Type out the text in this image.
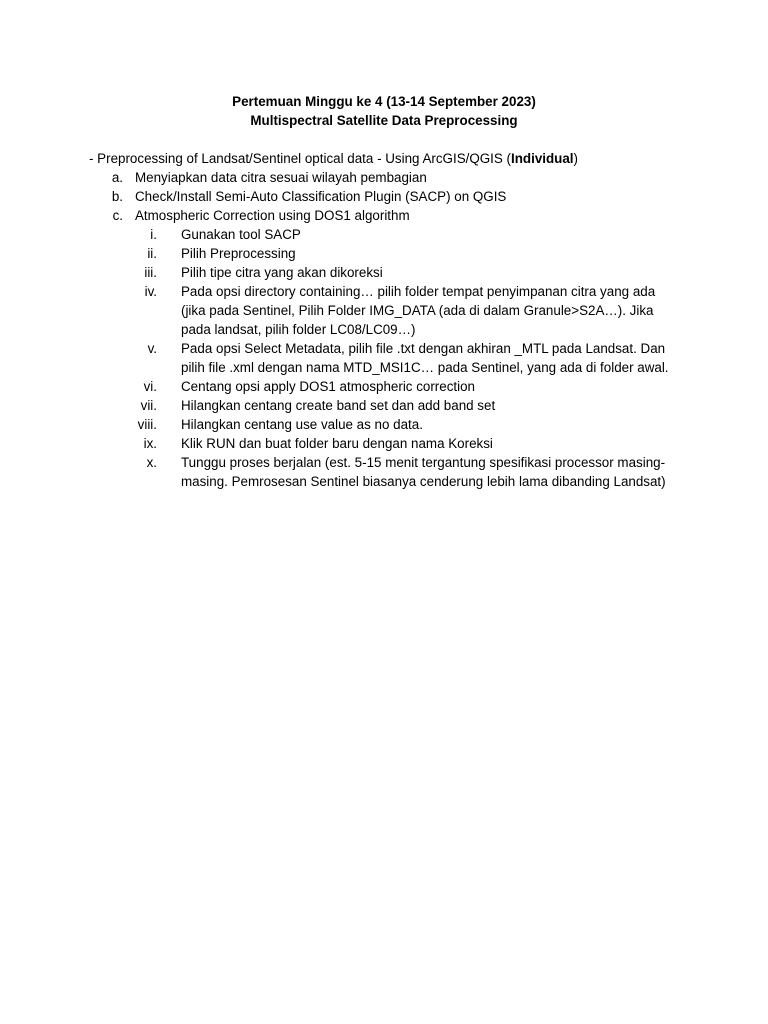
Pertemuan Minggu ke 4 (13-14 September 2023)
Multispectral Satellite Data Preprocessing
- Preprocessing of Landsat/Sentinel optical data - Using ArcGIS/QGIS (Individual)
a. Menyiapkan data citra sesuai wilayah pembagian
b. Check/Install Semi-Auto Classification Plugin (SACP) on QGIS
c. Atmospheric Correction using DOS1 algorithm
i. Gunakan tool SACP
ii. Pilih Preprocessing
iii. Pilih tipe citra yang akan dikoreksi
iv. Pada opsi directory containing… pilih folder tempat penyimpanan citra yang ada (jika pada Sentinel, Pilih Folder IMG_DATA (ada di dalam Granule>S2A…). Jika pada landsat, pilih folder LC08/LC09…)
v. Pada opsi Select Metadata, pilih file .txt dengan akhiran _MTL pada Landsat. Dan pilih file .xml dengan nama MTD_MSI1C… pada Sentinel, yang ada di folder awal.
vi. Centang opsi apply DOS1 atmospheric correction
vii. Hilangkan centang create band set dan add band set
viii. Hilangkan centang use value as no data.
ix. Klik RUN dan buat folder baru dengan nama Koreksi
x. Tunggu proses berjalan (est. 5-15 menit tergantung spesifikasi processor masing-masing. Pemrosesan Sentinel biasanya cenderung lebih lama dibanding Landsat)
